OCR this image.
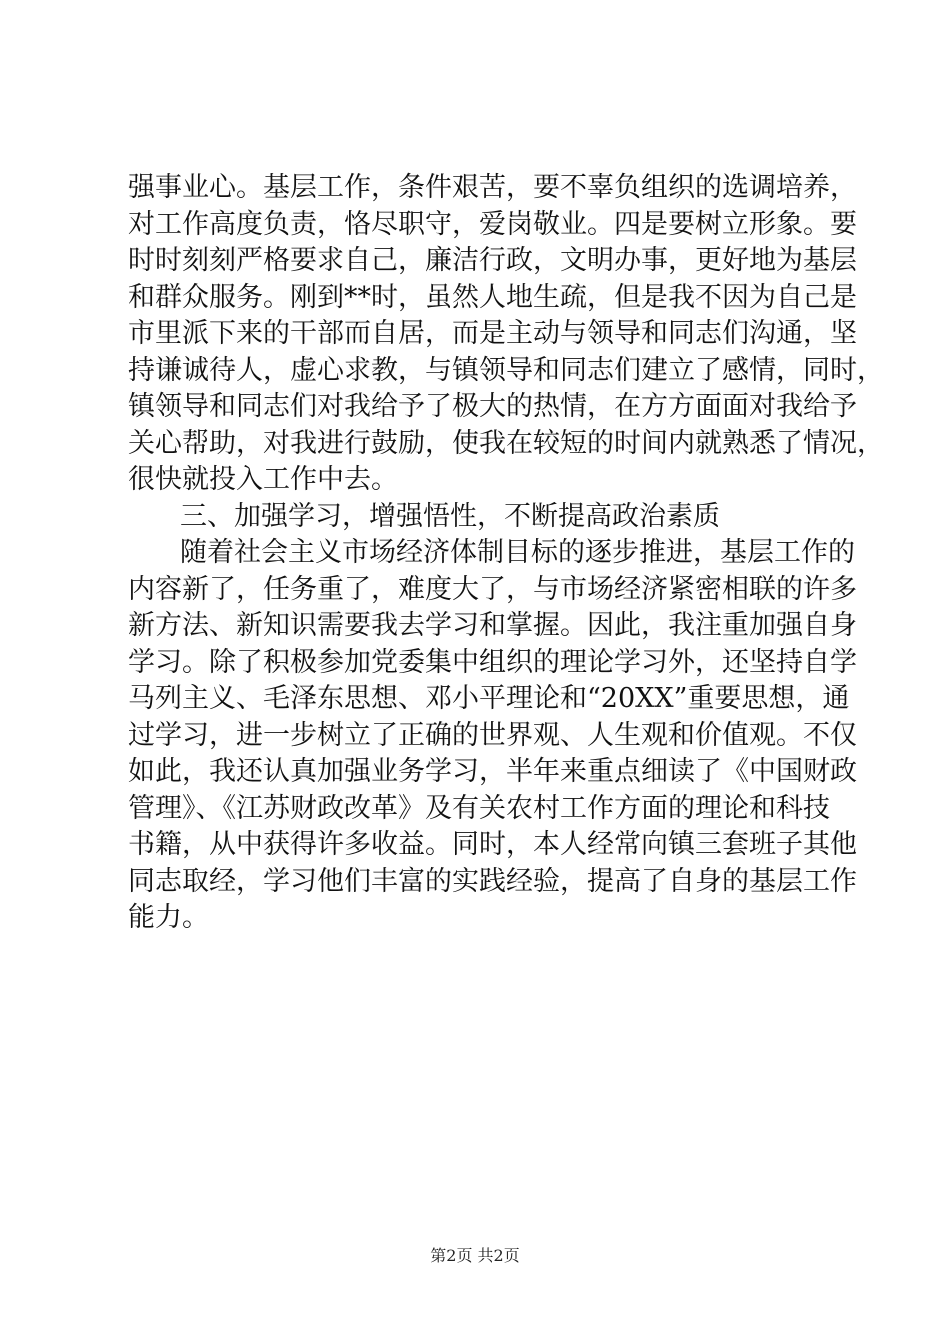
强事业心。基层工作，条件艰苦，要不辜负组织的选调培养，
对工作高度负责，恪尽职守，爱岗敬业。四是要树立形象。要
时时刻刻严格要求自己，廉洁行政，文明办事，更好地为基层
和群众服务。刚到**时，虽然人地生疏，但是我不因为自己是
市里派下来的干部而自居，而是主动与领导和同志们沟通，坚
持谦诚待人，虚心求教，与镇领导和同志们建立了感情，同时，
镇领导和同志们对我给予了极大的热情，在方方面面对我给予
关心帮助，对我进行鼓励，使我在较短的时间内就熟悉了情况，
很快就投入工作中去。
三、加强学习，增强悟性，不断提高政治素质
随着社会主义市场经济体制目标的逐步推进，基层工作的
内容新了，任务重了，难度大了，与市场经济紧密相联的许多
新方法、新知识需要我去学习和掌握。因此，我注重加强自身
学习。除了积极参加党委集中组织的理论学习外，还坚持自学
马列主义、毛泽东思想、邓小平理论和“20XX”重要思想，通
过学习，进一步树立了正确的世界观、人生观和价值观。不仅
如此，我还认真加强业务学习，半年来重点细读了《中国财政
管理》、《江苏财政改革》及有关农村工作方面的理论和科技
书籍，从中获得许多收益。同时，本人经常向镇三套班子其他
同志取经，学习他们丰富的实践经验，提高了自身的基层工作
能力。
第2页 共2页
